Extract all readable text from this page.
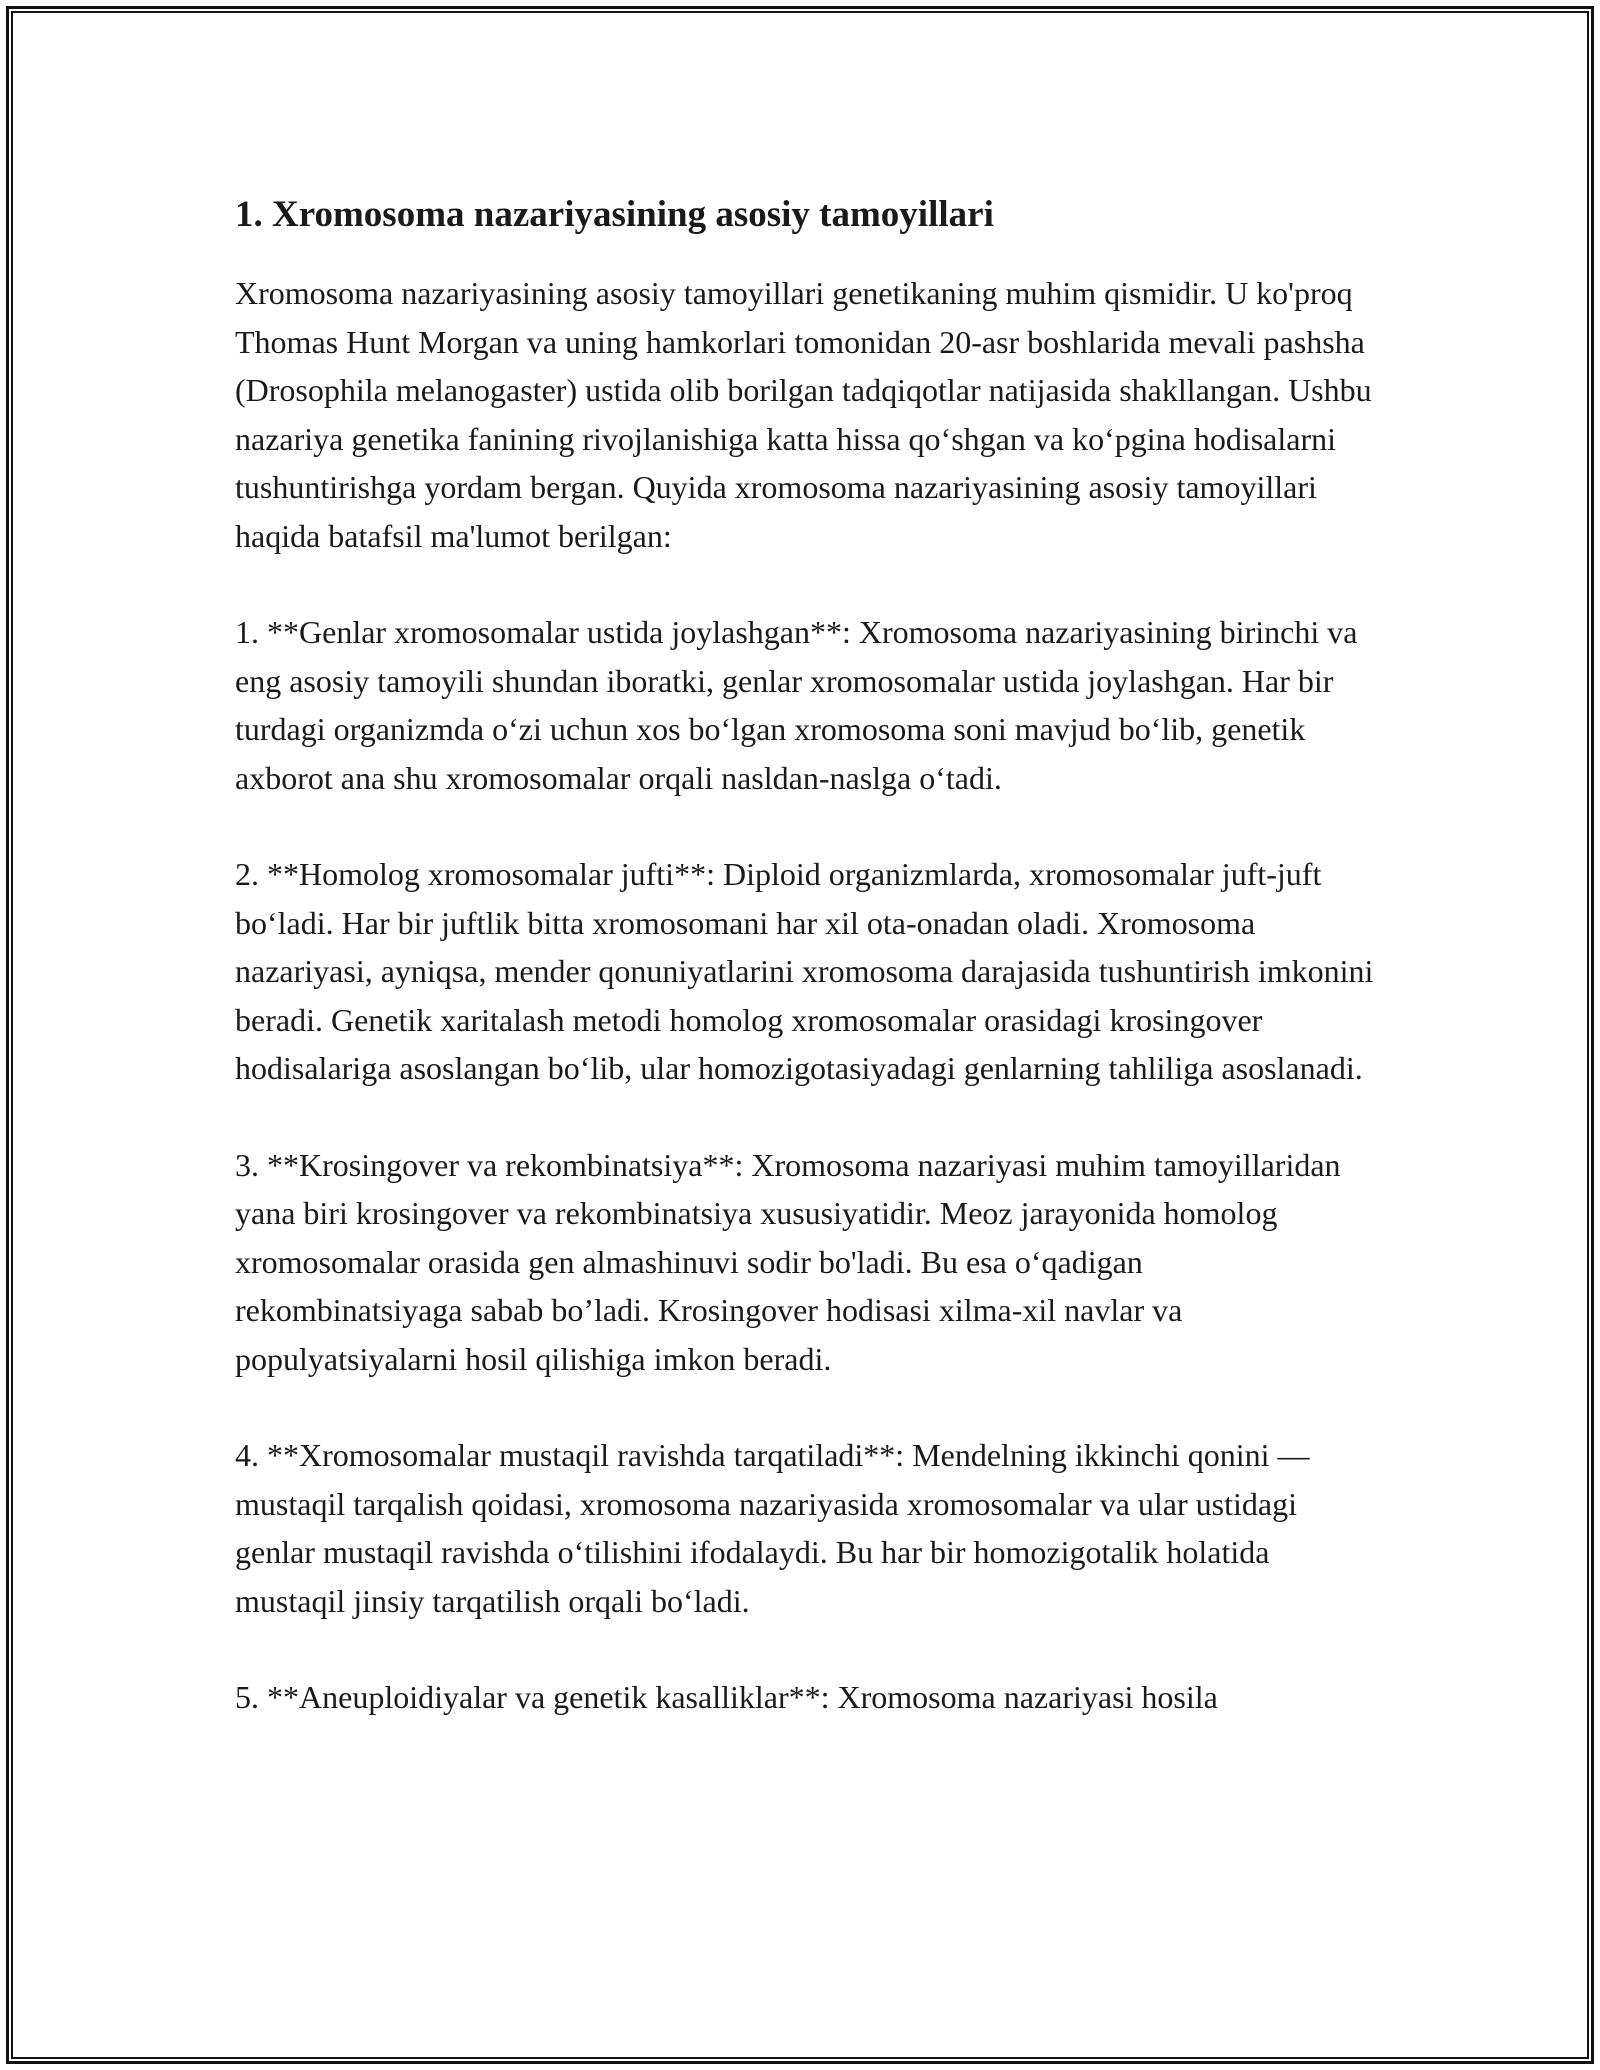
1. Xromosoma nazariyasining asosiy tamoyillari

Xromosoma nazariyasining asosiy tamoyillari genetikaning muhim qismidir. U ko'proq Thomas Hunt Morgan va uning hamkorlari tomonidan 20-asr boshlarida mevali pashsha (Drosophila melanogaster) ustida olib borilgan tadqiqotlar natijasida shakllangan. Ushbu nazariya genetika fanining rivojlanishiga katta hissa qo‘shgan va ko‘pgina hodisalarni tushuntirishga yordam bergan. Quyida xromosoma nazariyasining asosiy tamoyillari haqida batafsil ma'lumot berilgan:

1. **Genlar xromosomalar ustida joylashgan**: Xromosoma nazariyasining birinchi va eng asosiy tamoyili shundan iboratki, genlar xromosomalar ustida joylashgan. Har bir turdagi organizmda o‘zi uchun xos bo‘lgan xromosoma soni mavjud bo‘lib, genetik axborot ana shu xromosomalar orqali nasldan-naslga o‘tadi.

2. **Homolog xromosomalar jufti**: Diploid organizmlarda, xromosomalar juft-juft bo‘ladi. Har bir juftlik bitta xromosomani har xil ota-onadan oladi. Xromosoma nazariyasi, ayniqsa, mender qonuniyatlarini xromosoma darajasida tushuntirish imkonini beradi. Genetik xaritalash metodi homolog xromosomalar orasidagi krosingover hodisalariga asoslangan bo‘lib, ular homozigotasiyadagi genlarning tahliliga asoslanadi.

3. **Krosingover va rekombinatsiya**: Xromosoma nazariyasi muhim tamoyillaridan yana biri krosingover va rekombinatsiya xususiyatidir. Meoz jarayonida homolog xromosomalar orasida gen almashinuvi sodir bo'ladi. Bu esa o‘qadigan rekombinatsiyaga sabab bo’ladi. Krosingover hodisasi xilma-xil navlar va populyatsiyalarni hosil qilishiga imkon beradi.

4. **Xromosomalar mustaqil ravishda tarqatiladi**: Mendelning ikkinchi qonini — mustaqil tarqalish qoidasi, xromosoma nazariyasida xromosomalar va ular ustidagi genlar mustaqil ravishda o‘tilishini ifodalaydi. Bu har bir homozigotalik holatida mustaqil jinsiy tarqatilish orqali bo‘ladi.

5. **Aneuploidiyalar va genetik kasalliklar**: Xromosoma nazariyasi hosila
